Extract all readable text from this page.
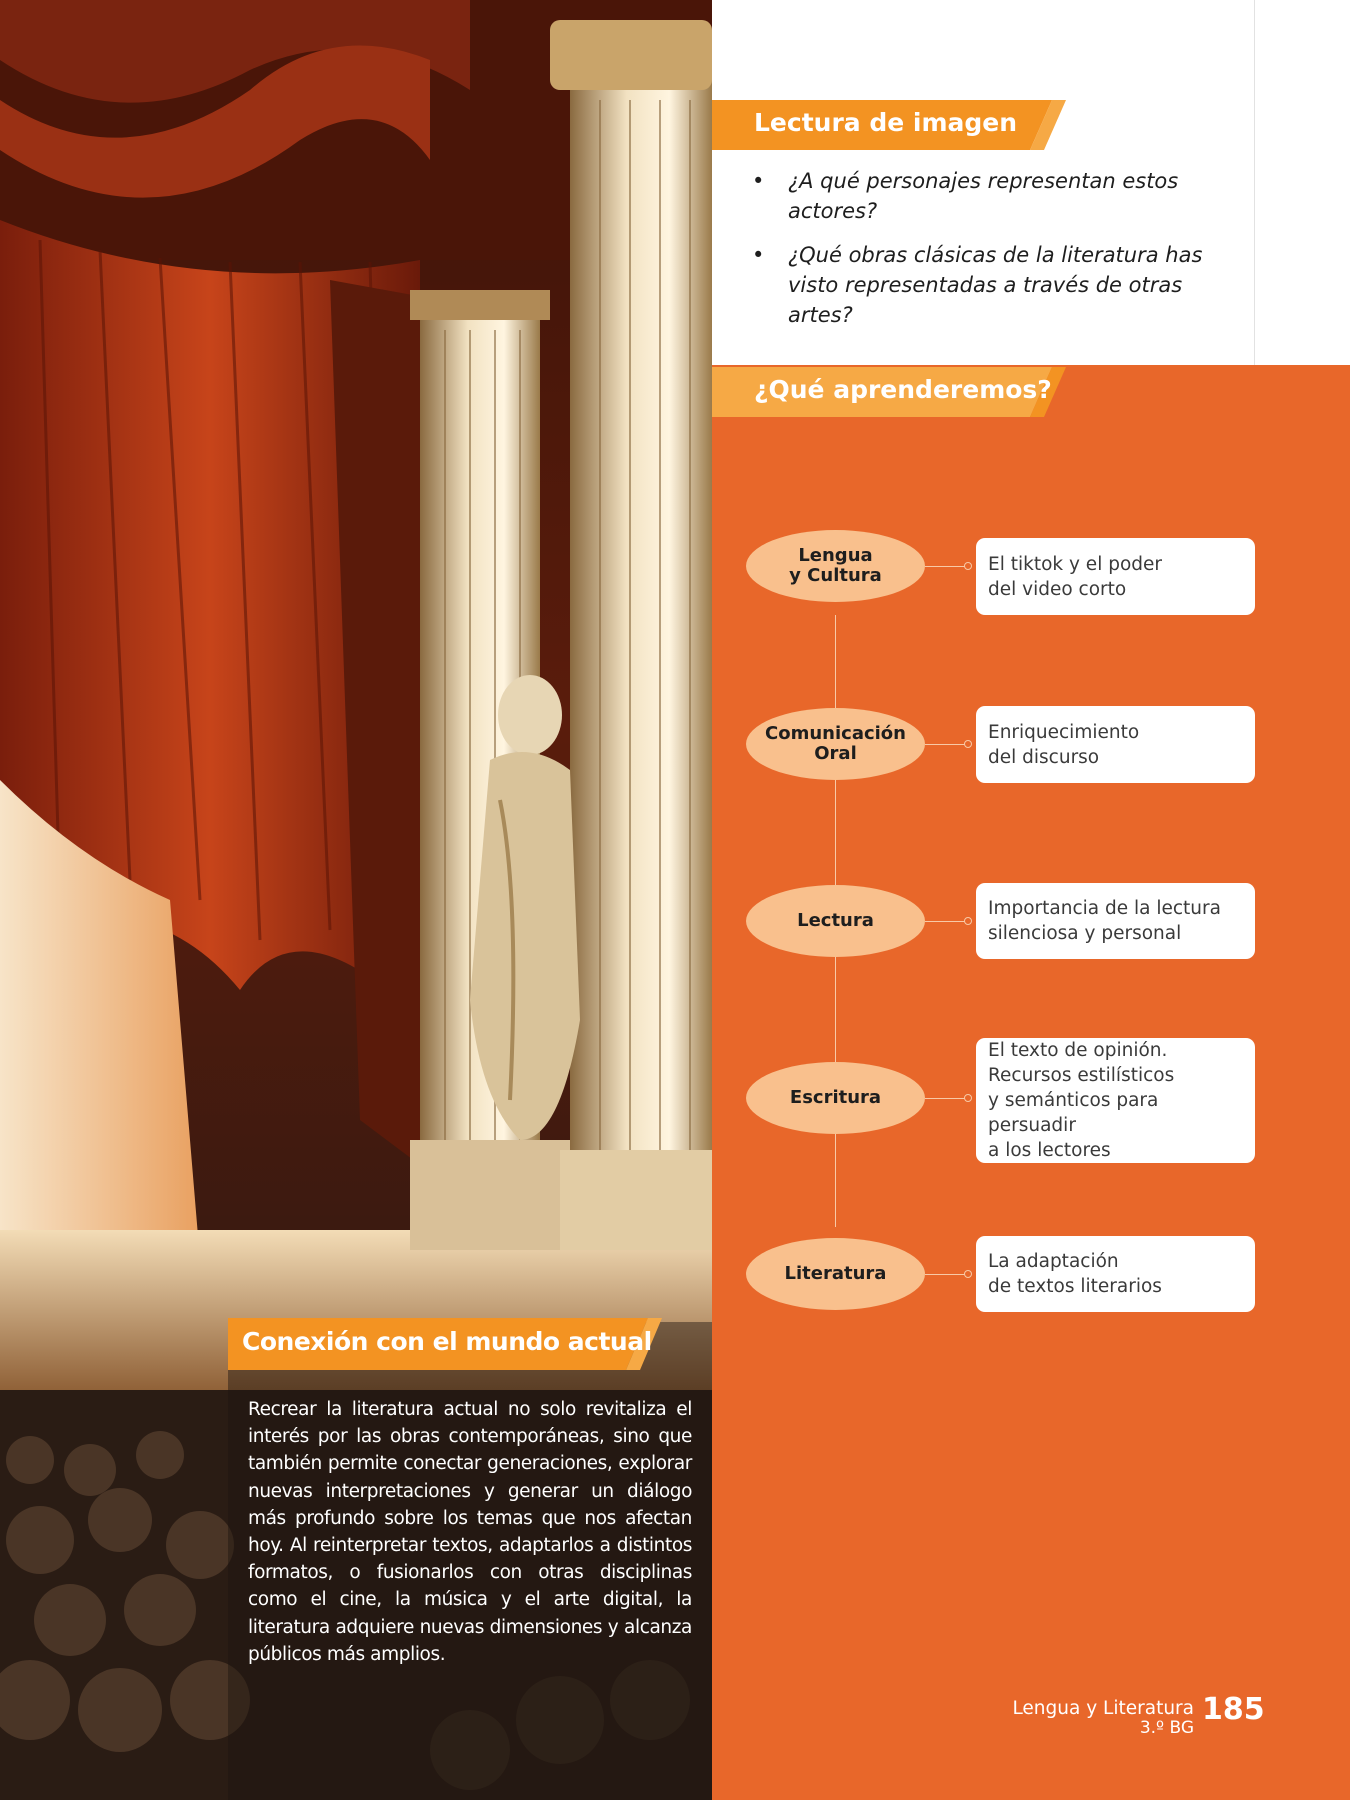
Lectura de imagen
• ¿A qué personajes representan estos actores?
• ¿Qué obras clásicas de la literatura has visto representadas a través de otras artes?
¿Qué aprenderemos?
Lengua
y Cultura
El tiktok y el poder
del video corto
Comunicación
Oral
Enriquecimiento
del discurso
Lectura
Importancia de la lectura
silenciosa y personal
Escritura
El texto de opinión.
Recursos estilísticos
y semánticos para persuadir
a los lectores
Literatura
La adaptación
de textos literarios
Conexión con el mundo actual

Recrear la literatura actual no solo revitaliza el interés por las obras contemporáneas, sino que también permite conectar generaciones, explorar nuevas interpretaciones y generar un diálogo más profundo sobre los temas que nos afectan hoy. Al reinterpretar textos, adaptarlos a distintos formatos, o fusionarlos con otras disciplinas como el cine, la música y el arte digital, la literatura adquiere nuevas dimensiones y alcanza públicos más amplios.

Lengua y Literatura
3.º BG
185
